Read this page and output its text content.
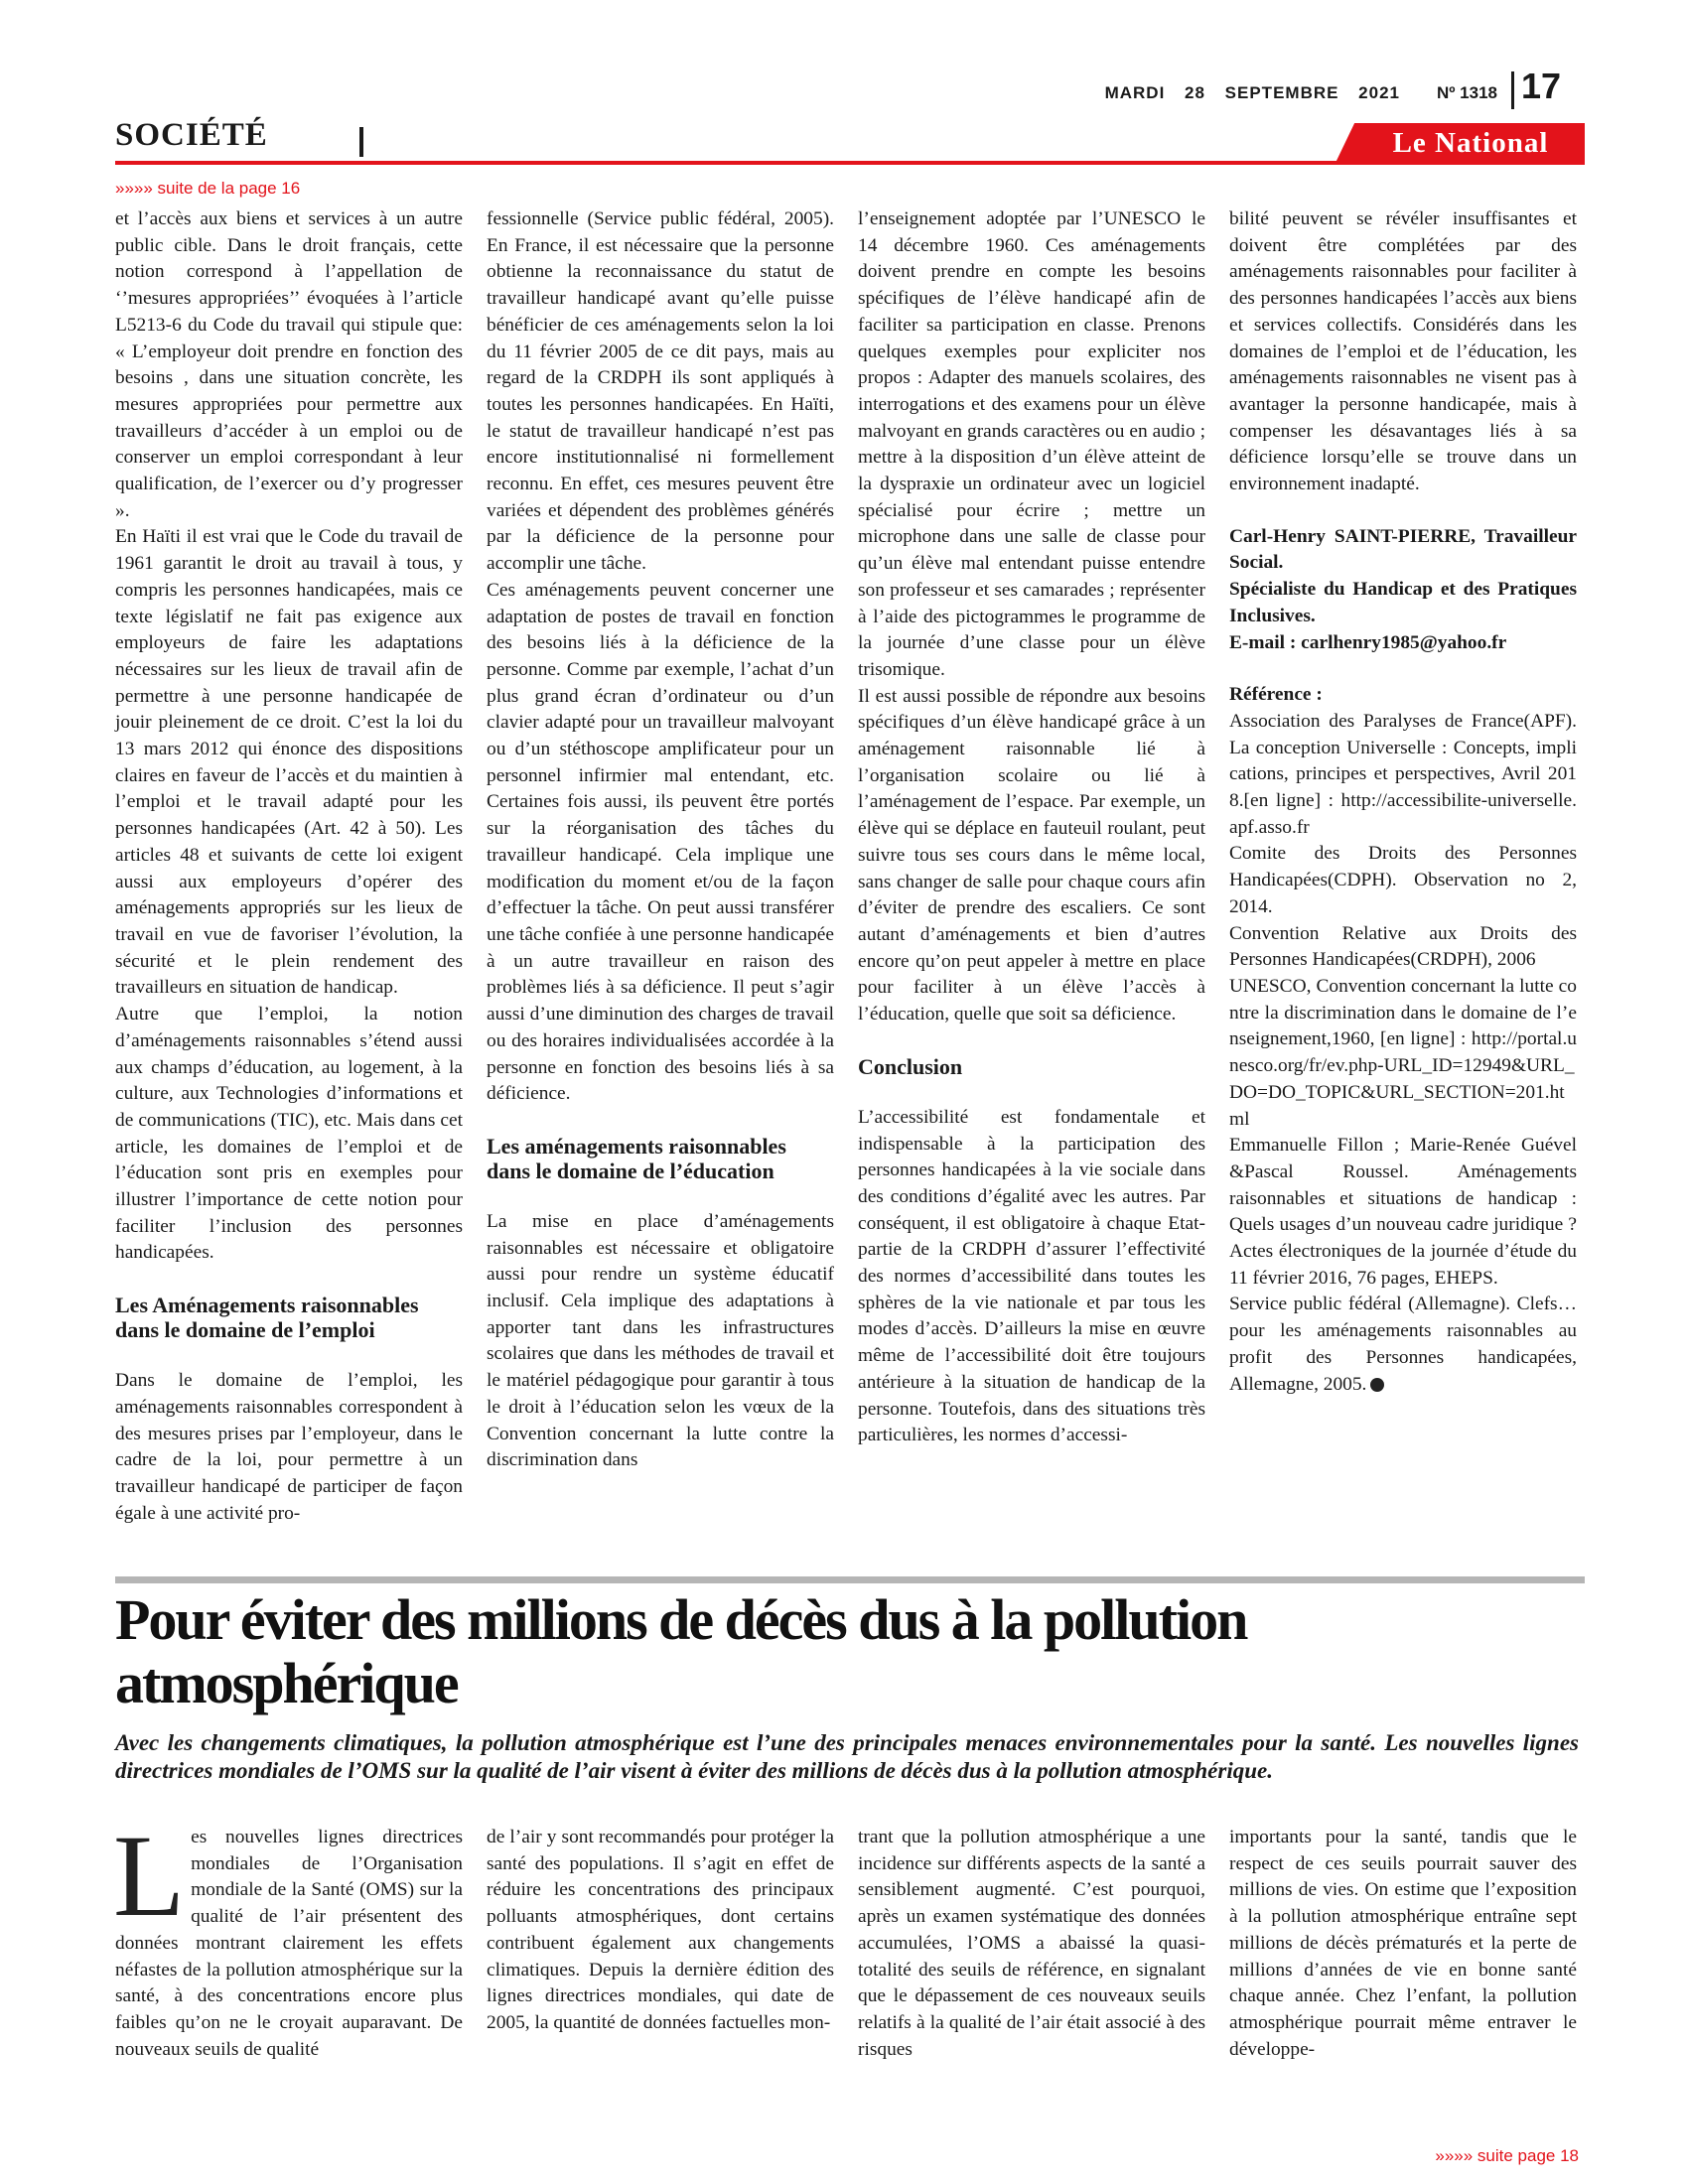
MARDI 28 SEPTEMBRE 2021	Nº 1318 17
SOCIÉTÉ	Le National
»»»» suite de la page 16

et l’accès aux biens et services à un autre public cible. Dans le droit français, cette notion correspond à l’appellation de ‘’mesures appropriées’’ évoquées à l’article L5213-6 du Code du travail qui stipule que: « L’employeur doit prendre en fonction des besoins , dans une situation concrète, les mesures appropriées pour permettre aux travailleurs d’accéder à un emploi ou de conserver un emploi correspondant à leur qualification, de l’exercer ou d’y progresser ».

En Haïti il est vrai que le Code du travail de 1961 garantit le droit au travail à tous, y compris les personnes handicapées, mais ce texte législatif ne fait pas exigence aux employeurs de faire les adaptations nécessaires sur les lieux de travail afin de permettre à une personne handicapée de jouir pleinement de ce droit. C’est la loi du 13 mars 2012 qui énonce des dispositions claires en faveur de l’accès et du maintien à l’emploi et le travail adapté pour les personnes handicapées (Art. 42 à 50). Les articles 48 et suivants de cette loi exigent aussi aux employeurs d’opérer des aménagements appropriés sur les lieux de travail en vue de favoriser l’évolution, la sécurité et le plein rendement des travailleurs en situation de handicap.

Autre que l’emploi, la notion d’aménagements raisonnables s’étend aussi aux champs d’éducation, au logement, à la culture, aux Technologies d’informations et de communications (TIC), etc. Mais dans cet article, les domaines de l’emploi et de l’éducation sont pris en exemples pour illustrer l’importance de cette notion pour faciliter l’inclusion des personnes handicapées.

Les Aménagements raisonnables dans le domaine de l’emploi

Dans le domaine de l’emploi, les aménagements raisonnables correspondent à des mesures prises par l’employeur, dans le cadre de la loi, pour permettre à un travailleur handicapé de participer de façon égale à une activité pro-

fessionnelle (Service public fédéral, 2005). En France, il est nécessaire que la personne obtienne la reconnaissance du statut de travailleur handicapé avant qu’elle puisse bénéficier de ces aménagements selon la loi du 11 février 2005 de ce dit pays, mais au regard de la CRDPH ils sont appliqués à toutes les personnes handicapées. En Haïti, le statut de travailleur handicapé n’est pas encore institutionnalisé ni formellement reconnu. En effet, ces mesures peuvent être variées et dépendent des problèmes générés par la déficience de la personne pour accomplir une tâche.

Ces aménagements peuvent concerner une adaptation de postes de travail en fonction des besoins liés à la déficience de la personne. Comme par exemple, l’achat d’un plus grand écran d’ordinateur ou d’un clavier adapté pour un travailleur malvoyant ou d’un stéthoscope amplificateur pour un personnel infirmier mal entendant, etc. Certaines fois aussi, ils peuvent être portés sur la réorganisation des tâches du travailleur handicapé. Cela implique une modification du moment et/ou de la façon d’effectuer la tâche. On peut aussi transférer une tâche confiée à une personne handicapée à un autre travailleur en raison des problèmes liés à sa déficience. Il peut s’agir aussi d’une diminution des charges de travail ou des horaires individualisées accordée à la personne en fonction des besoins liés à sa déficience.

Les aménagements raisonnables dans le domaine de l’éducation

La mise en place d’aménagements raisonnables est nécessaire et obligatoire aussi pour rendre un système éducatif inclusif. Cela implique des adaptations à apporter tant dans les infrastructures scolaires que dans les méthodes de travail et le matériel pédagogique pour garantir à tous le droit à l’éducation selon les vœux de la Convention concernant la lutte contre la discrimination dans

l’enseignement adoptée par l’UNESCO le 14 décembre 1960. Ces aménagements doivent prendre en compte les besoins spécifiques de l’élève handicapé afin de faciliter sa participation en classe. Prenons quelques exemples pour expliciter nos propos : Adapter des manuels scolaires, des interrogations et des examens pour un élève malvoyant en grands caractères ou en audio ; mettre à la disposition d’un élève atteint de la dyspraxie un ordinateur avec un logiciel spécialisé pour écrire ; mettre un microphone dans une salle de classe pour qu’un élève mal entendant puisse entendre son professeur et ses camarades ; représenter à l’aide des pictogrammes le programme de la journée d’une classe pour un élève trisomique.

Il est aussi possible de répondre aux besoins spécifiques d’un élève handicapé grâce à un aménagement raisonnable lié à l’organisation scolaire ou lié à l’aménagement de l’espace. Par exemple, un élève qui se déplace en fauteuil roulant, peut suivre tous ses cours dans le même local, sans changer de salle pour chaque cours afin d’éviter de prendre des escaliers. Ce sont autant d’aménagements et bien d’autres encore qu’on peut appeler à mettre en place pour faciliter à un élève l’accès à l’éducation, quelle que soit sa déficience.

Conclusion

L’accessibilité est fondamentale et indispensable à la participation des personnes handicapées à la vie sociale dans des conditions d’égalité avec les autres. Par conséquent, il est obligatoire à chaque Etat-partie de la CRDPH d’assurer l’effectivité des normes d’accessibilité dans toutes les sphères de la vie nationale et par tous les modes d’accès. D’ailleurs la mise en œuvre même de l’accessibilité doit être toujours antérieure à la situation de handicap de la personne. Toutefois, dans des situations très particulières, les normes d’accessi-

bilité peuvent se révéler insuffisantes et doivent être complétées par des aménagements raisonnables pour faciliter à des personnes handicapées l’accès aux biens et services collectifs. Considérés dans les domaines de l’emploi et de l’éducation, les aménagements raisonnables ne visent pas à avantager la personne handicapée, mais à compenser les désavantages liés à sa déficience lorsqu’elle se trouve dans un environnement inadapté.

Carl-Henry SAINT-PIERRE, Travailleur Social.

Spécialiste du Handicap et des Pratiques Inclusives.

E-mail : carlhenry1985@yahoo.fr

Référence :

Association des Paralyses de France(APF). La conception Universelle : Concepts, implications, principes et perspectives, Avril 2018.[en ligne] : http://accessibilite-universelle.apf.asso.fr

Comite des Droits des Personnes Handicapées(CDPH). Observation no 2, 2014.

Convention Relative aux Droits des Personnes Handicapées(CRDPH), 2006

UNESCO, Convention concernant la lutte contre la discrimination dans le domaine de l’enseignement,1960, [en ligne] : http://portal.unesco.org/fr/ev.php-URL_ID=12949&URL_DO=DO_TOPIC&URL_SECTION=201.html

Emmanuelle Fillon ; Marie-Renée Guével &Pascal Roussel. Aménagements raisonnables et situations de handicap : Quels usages d’un nouveau cadre juridique ? Actes électroniques de la journée d’étude du 11 février 2016, 76 pages, EHEPS.

Service public fédéral (Allemagne). Clefs…pour les aménagements raisonnables au profit des Personnes handicapées, Allemagne, 2005.

Pour éviter des millions de décès dus à la pollution atmosphérique
Avec les changements climatiques, la pollution atmosphérique est l’une des principales menaces environnementales pour la santé. Les nouvelles lignes directrices mondiales de l’OMS sur la qualité de l’air visent à éviter des millions de décès dus à la pollution atmosphérique.
L es nouvelles lignes directrices mondiales de l’Organisation mondiale de la Santé (OMS) sur la qualité de l’air présentent des données montrant clairement les effets néfastes de la pollution atmosphérique sur la santé, à des concentrations encore plus faibles qu’on ne le croyait auparavant. De nouveaux seuils de qualité

de l’air y sont recommandés pour protéger la santé des populations. Il s’agit en effet de réduire les concentrations des principaux polluants atmosphériques, dont certains contribuent également aux changements climatiques. Depuis la dernière édition des lignes directrices mondiales, qui date de 2005, la quantité de données factuelles mon-

trant que la pollution atmosphérique a une incidence sur différents aspects de la santé a sensiblement augmenté. C’est pourquoi, après un examen systématique des données accumulées, l’OMS a abaissé la quasi-totalité des seuils de référence, en signalant que le dépassement de ces nouveaux seuils relatifs à la qualité de l’air était associé à des risques

importants pour la santé, tandis que le respect de ces seuils pourrait sauver des millions de vies. On estime que l’exposition à la pollution atmosphérique entraîne sept millions de décès prématurés et la perte de millions d’années de vie en bonne santé chaque année. Chez l’enfant, la pollution atmosphérique pourrait même entraver le développe-

»»»» suite page 18
